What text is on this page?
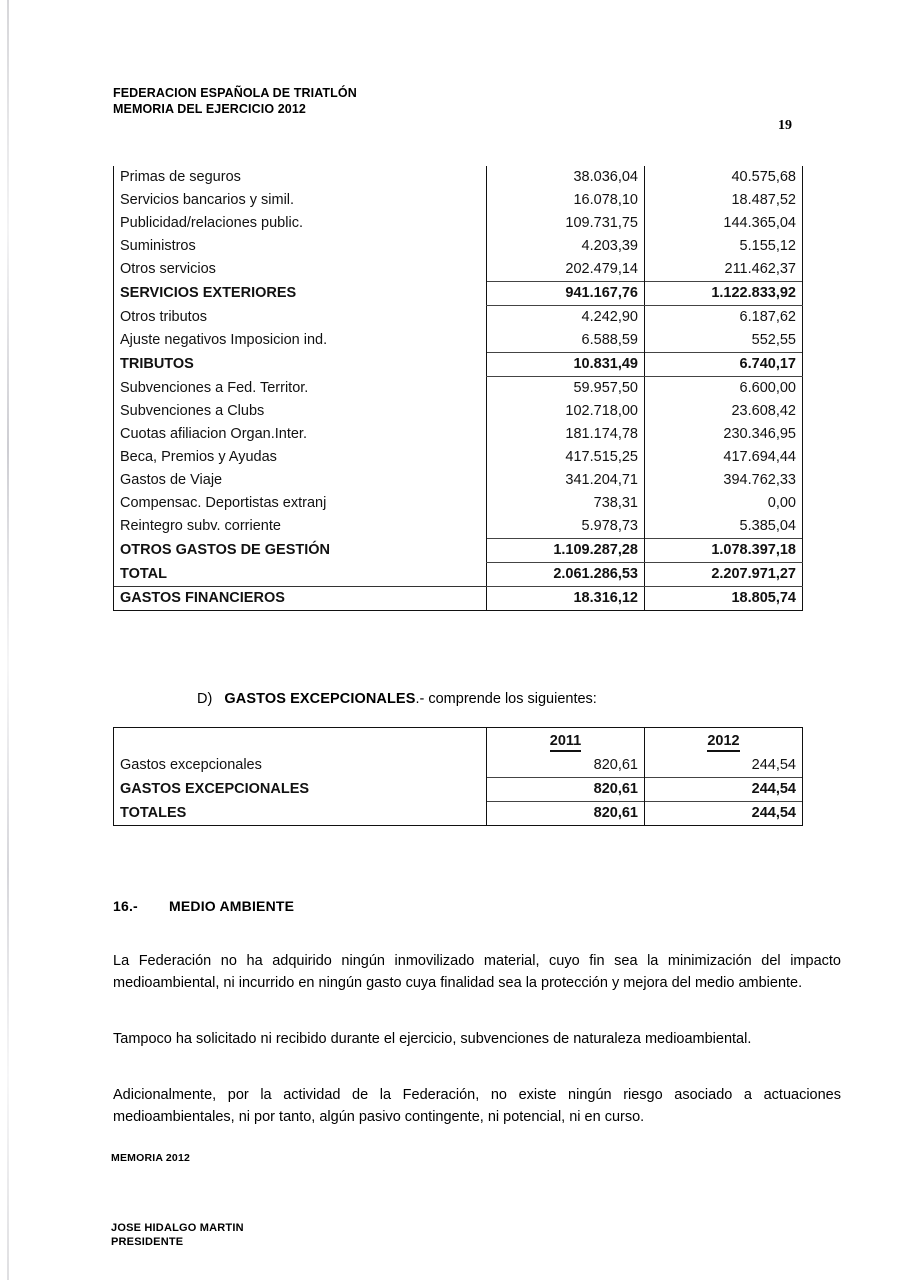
FEDERACION ESPAÑOLA DE TRIATLÓN
MEMORIA DEL EJERCICIO 2012
19
Primas de seguros	38.036,04	40.575,68
Servicios bancarios y simil.	16.078,10	18.487,52
Publicidad/relaciones public.	109.731,75	144.365,04
Suministros	4.203,39	5.155,12
Otros servicios	202.479,14	211.462,37
SERVICIOS EXTERIORES	941.167,76	1.122.833,92
Otros tributos	4.242,90	6.187,62
Ajuste negativos Imposicion ind.	6.588,59	552,55
TRIBUTOS	10.831,49	6.740,17
Subvenciones a Fed. Territor.	59.957,50	6.600,00
Subvenciones a Clubs	102.718,00	23.608,42
Cuotas afiliacion Organ.Inter.	181.174,78	230.346,95
Beca, Premios y Ayudas	417.515,25	417.694,44
Gastos de Viaje	341.204,71	394.762,33
Compensac. Deportistas extranj	738,31	0,00
Reintegro subv. corriente	5.978,73	5.385,04
OTROS GASTOS DE GESTIÓN	1.109.287,28	1.078.397,18
TOTAL	2.061.286,53	2.207.971,27
GASTOS FINANCIEROS	18.316,12	18.805,74
D) GASTOS EXCEPCIONALES.- comprende los siguientes:
	2011	2012
Gastos excepcionales	820,61	244,54
GASTOS EXCEPCIONALES	820,61	244,54
TOTALES	820,61	244,54
16.- MEDIO AMBIENTE
La Federación no ha adquirido ningún inmovilizado material, cuyo fin sea la minimización del impacto medioambiental, ni incurrido en ningún gasto cuya finalidad sea la protección y mejora del medio ambiente.
Tampoco ha solicitado ni recibido durante el ejercicio, subvenciones de naturaleza medioambiental.
Adicionalmente, por la actividad de la Federación, no existe ningún riesgo asociado a actuaciones medioambientales, ni por tanto, algún pasivo contingente, ni potencial, ni en curso.
MEMORIA 2012
JOSE HIDALGO MARTIN
PRESIDENTE
